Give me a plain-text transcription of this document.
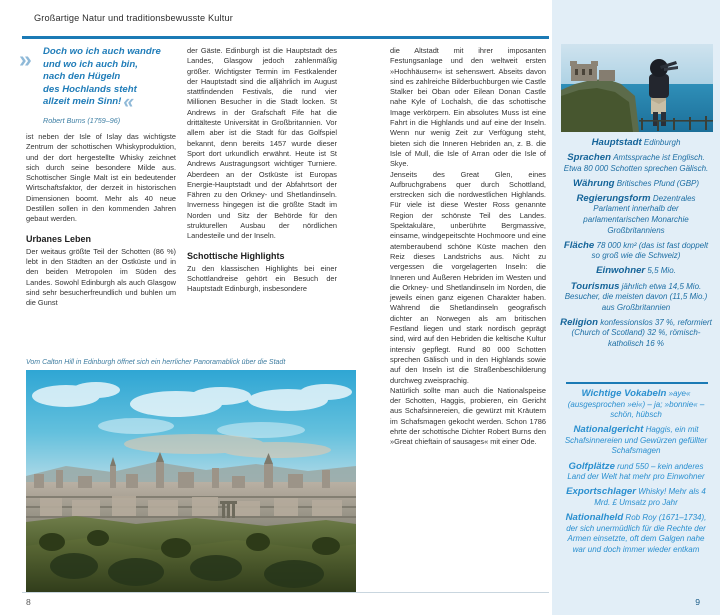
Großartige Natur und traditionsbewusste Kultur

Hauptstadt Edinburgh

Sprachen Amtssprache ist Englisch. Etwa 80 000 Schotten sprechen Gälisch.

Währung Britisches Pfund (GBP)

Regierungsform Dezentrales Parlament innerhalb der parlamentarischen Monarchie Großbritanniens

Fläche 78 000 km² (das ist fast doppelt so groß wie die Schweiz)

Einwohner 5,5 Mio.

Tourismus jährlich etwa 14,5 Mio. Besucher, die meisten davon (11,5 Mio.) aus Großbritannien

Religion konfessionslos 37 %, reformiert (Church of Scotland) 32 %, römisch-katholisch 16 %

Wichtige Vokabeln »aye« (ausgesprochen »ei«) – ja; »bonnie« – schön, hübsch

Nationalgericht Haggis, ein mit Schafsinnereien und Gewürzen gefüllter Schafsmagen

Golfplätze rund 550 – kein anderes Land der Welt hat mehr pro Einwohner

Exportschlager Whisky! Mehr als 4 Mrd. £ Umsatz pro Jahr

Nationalheld Rob Roy (1671–1734), der sich unermüdlich für die Rechte der Armen einsetzte, oft dem Galgen nahe war und doch immer wieder entkam

9
»	Doch wo ich auch wandre
und wo ich auch bin,
nach den Hügeln
des Hochlands steht
allzeit mein Sinn! «

Robert Burns (1759–96)

ist neben der Isle of Islay das wichtigste Zentrum der schottischen Whiskyproduktion, und der dort hergestellte Whisky zeichnet sich durch seine besondere Milde aus. Schottischer Single Malt ist ein bedeutender Wirtschaftsfaktor, der derzeit in historischen Dimensionen boomt. Mehr als 40 neue Destillen sollen in den kommenden Jahren gebaut werden.

Urbanes Leben

Der weitaus größte Teil der Schotten (86 %) lebt in den Städten an der Ostküste und in den beiden Metropolen im Süden des Landes. Sowohl Edinburgh als auch Glasgow sind sehr besucherfreundlich und buhlen um die Gunst

der Gäste. Edinburgh ist die Hauptstadt des Landes, Glasgow jedoch zahlenmäßig größer. Wichtigster Termin im Festkalender der Hauptstadt sind die alljährlich im August stattfindenden Festivals, die rund vier Millionen Besucher in die Stadt locken. St Andrews in der Grafschaft Fife hat die drittälteste Universität in Großbritannien. Vor allem aber ist die Stadt für das Golfspiel bekannt, denn bereits 1457 wurde dieser Sport dort urkundlich erwähnt. Heute ist St Andrews Austragungsort wichtiger Turniere. Aberdeen an der Ostküste ist Europas Energie-Hauptstadt und der Abfahrtsort der Fähren zu den Orkney- und Shetlandinseln. Inverness hingegen ist die größte Stadt im Norden und Sitz der Behörde für den strukturellen Ausbau der nördlichen Landesteile und der Inseln.

Schottische Highlights

Zu den klassischen Highlights bei einer Schottlandreise gehört ein Besuch der Hauptstadt Edinburgh, insbesondere

die Altstadt mit ihrer imposanten Festungsanlage und den weltweit ersten »Hochhäusern« ist sehenswert. Abseits davon sind es zahlreiche Bilderbuchburgen wie Castle Stalker bei Oban oder Eilean Donan Castle nahe Kyle of Lochalsh, die das schottische Image verkörpern. Ein absolutes Muss ist eine Fahrt in die Highlands und auf eine der Inseln. Wenn nur wenig Zeit zur Verfügung steht, bieten sich die Inneren Hebriden an, z. B. die Isle of Mull, die Isle of Arran oder die Isle of Skye.

Jenseits des Great Glen, eines Aufbruchgrabens quer durch Schottland, erstrecken sich die nordwestlichen Highlands. Für viele ist diese Wester Ross genannte Region der schönste Teil des Landes. Spektakuläre, unberührte Bergmassive, einsame, windgepeitschte Hochmoore und eine atemberaubend schöne Küste machen den Reiz dieses Landstrichs aus. Nicht zu vergessen die vorgelagerten Inseln: die Inneren und Äußeren Hebriden im Westen und die Orkney- und Shetlandinseln im Norden, die jeweils einen ganz eigenen Charakter haben. Während die Shetlandinseln geografisch dichter an Norwegen als am britischen Festland liegen und stark nordisch geprägt sind, wird auf den Hebriden die keltische Kultur intensiv gepflegt. Rund 80 000 Schotten sprechen Gälisch und in den Highlands sowie auf den Inseln ist die Straßenbeschilderung durchweg zweisprachig.

Natürlich sollte man auch die Nationalspeise der Schotten, Haggis, probieren, ein Gericht aus Schafsinnereien, die gewürzt mit Kräutern im Schafsmagen gekocht werden. Schon 1786 ehrte der schottische Dichter Robert Burns den »Great chieftain of sausages« mit einer Ode.

Vom Calton Hill in Edinburgh öffnet sich ein herrlicher Panoramablick über die Stadt

8
